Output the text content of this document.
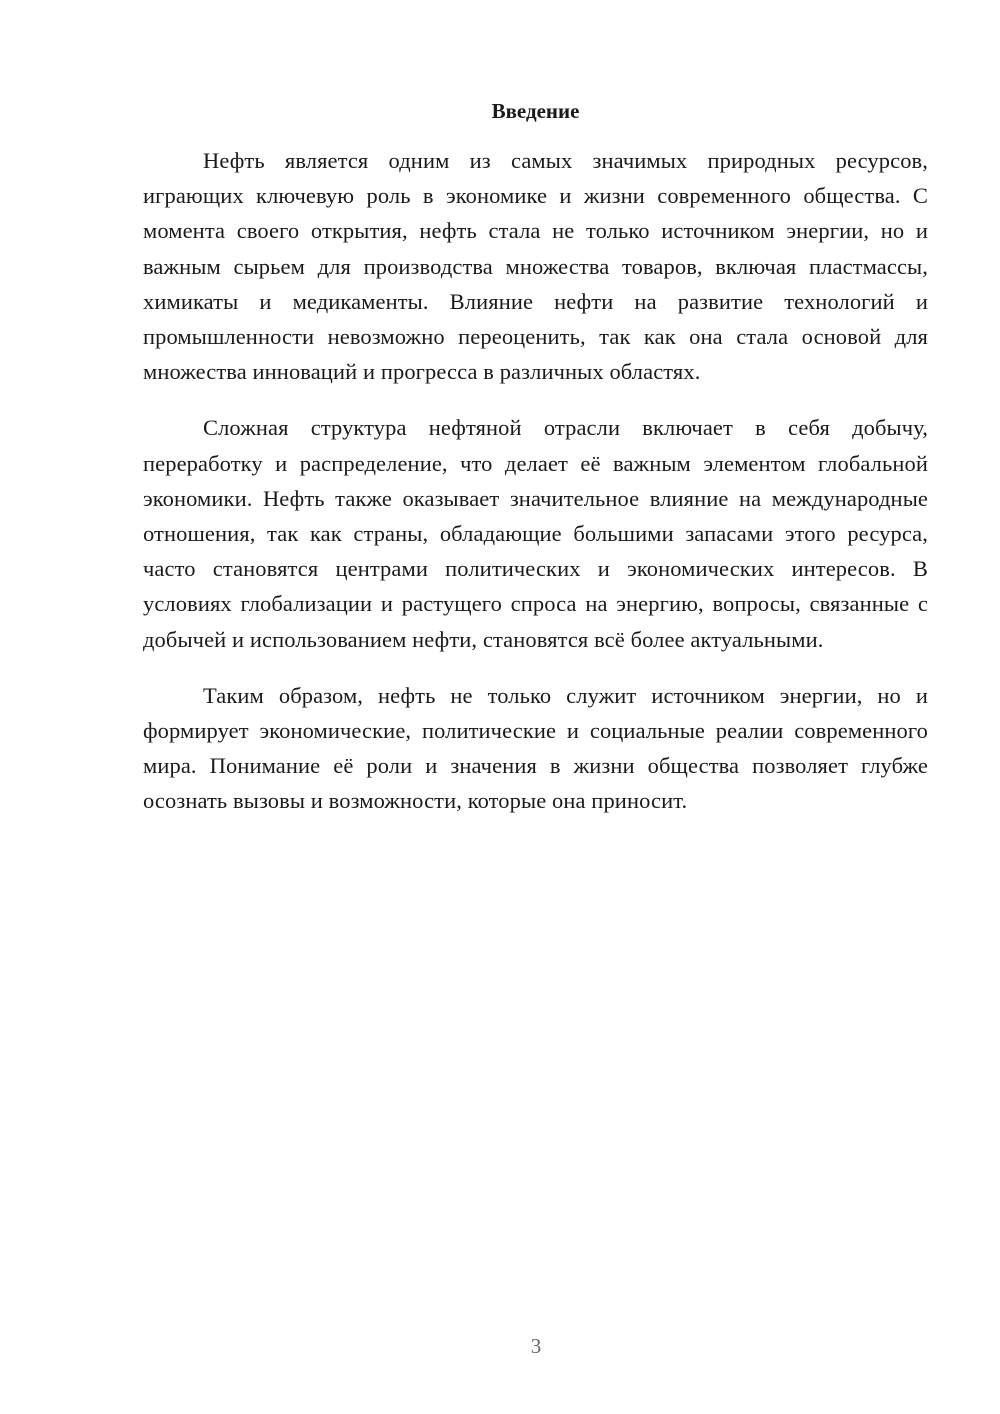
Введение

Нефть является одним из самых значимых природных ресурсов, играющих ключевую роль в экономике и жизни современного общества. С момента своего открытия, нефть стала не только источником энергии, но и важным сырьем для производства множества товаров, включая пластмассы, химикаты и медикаменты. Влияние нефти на развитие технологий и промышленности невозможно переоценить, так как она стала основой для множества инноваций и прогресса в различных областях.

Сложная структура нефтяной отрасли включает в себя добычу, переработку и распределение, что делает её важным элементом глобальной экономики. Нефть также оказывает значительное влияние на международные отношения, так как страны, обладающие большими запасами этого ресурса, часто становятся центрами политических и экономических интересов. В условиях глобализации и растущего спроса на энергию, вопросы, связанные с добычей и использованием нефти, становятся всё более актуальными.

Таким образом, нефть не только служит источником энергии, но и формирует экономические, политические и социальные реалии современного мира. Понимание её роли и значения в жизни общества позволяет глубже осознать вызовы и возможности, которые она приносит.

3
